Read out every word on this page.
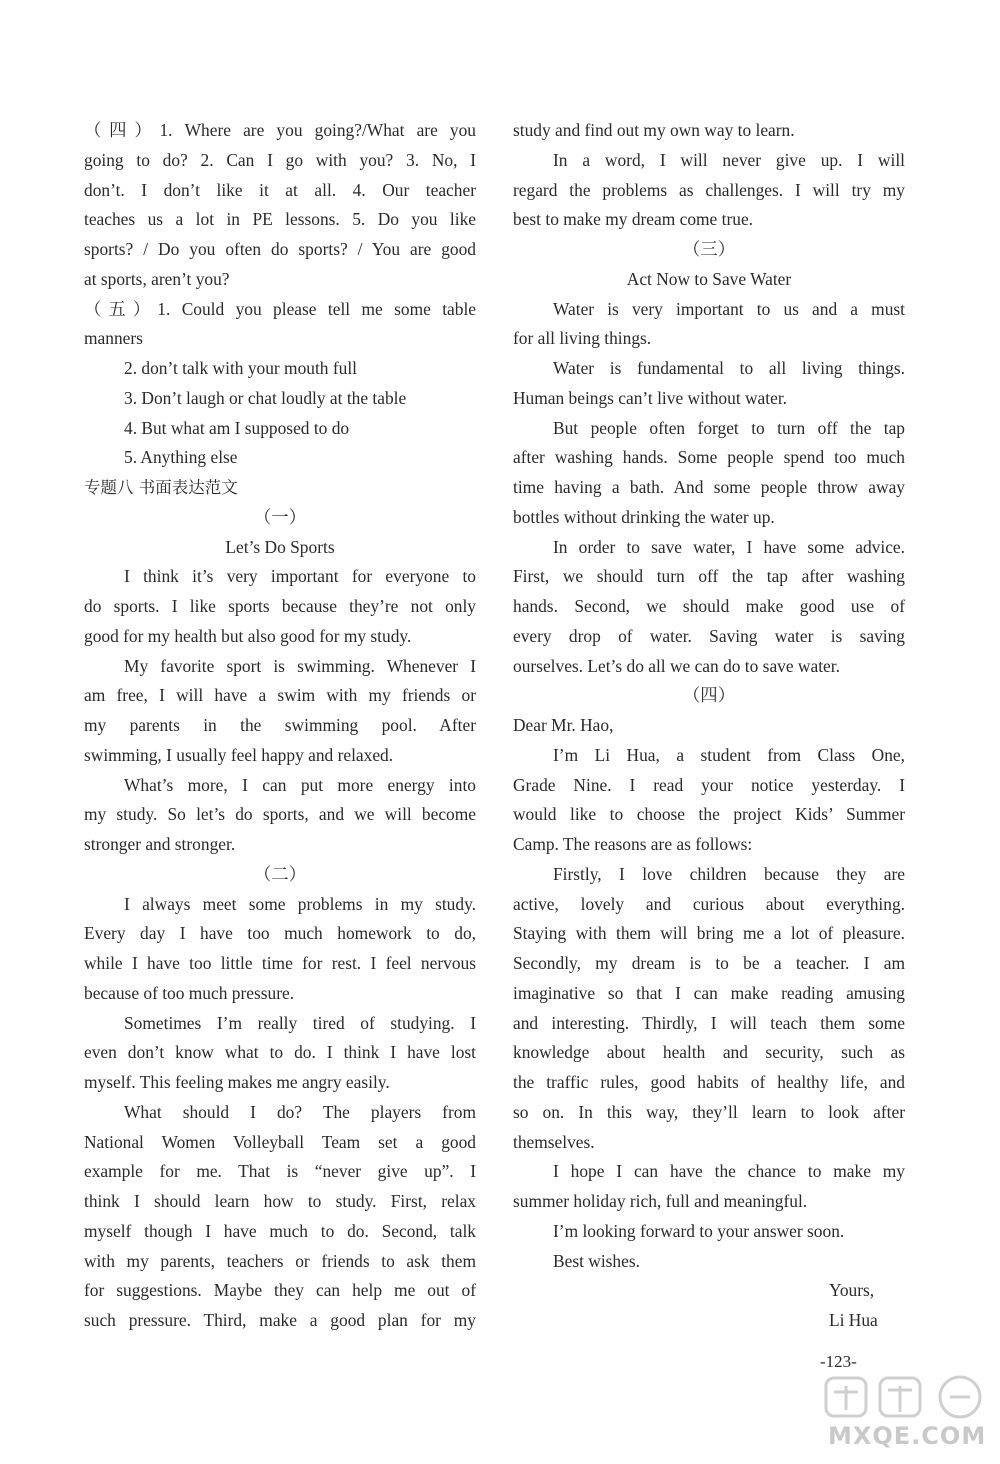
（四）1. Where are you going?/What are you
going to do? 2. Can I go with you? 3. No, I
don’t. I don’t like it at all. 4. Our teacher
teaches us a lot in PE lessons. 5. Do you like
sports? / Do you often do sports? / You are good
at sports, aren’t you?
（五）1. Could you please tell me some table
manners
2. don’t talk with your mouth full
3. Don’t laugh or chat loudly at the table
4. But what am I supposed to do
5. Anything else
专题八 书面表达范文
（一）
Let’s Do Sports
I think it’s very important for everyone to
do sports. I like sports because they’re not only
good for my health but also good for my study.
My favorite sport is swimming. Whenever I
am free, I will have a swim with my friends or
my parents in the swimming pool. After
swimming, I usually feel happy and relaxed.
What’s more, I can put more energy into
my study. So let’s do sports, and we will become
stronger and stronger.
（二）
I always meet some problems in my study.
Every day I have too much homework to do,
while I have too little time for rest. I feel nervous
because of too much pressure.
Sometimes I’m really tired of studying. I
even don’t know what to do. I think I have lost
myself. This feeling makes me angry easily.
What should I do? The players from
National Women Volleyball Team set a good
example for me. That is “never give up”. I
think I should learn how to study. First, relax
myself though I have much to do. Second, talk
with my parents, teachers or friends to ask them
for suggestions. Maybe they can help me out of
such pressure. Third, make a good plan for my
study and find out my own way to learn.
In a word, I will never give up. I will
regard the problems as challenges. I will try my
best to make my dream come true.
（三）
Act Now to Save Water
Water is very important to us and a must
for all living things.
Water is fundamental to all living things.
Human beings can’t live without water.
But people often forget to turn off the tap
after washing hands. Some people spend too much
time having a bath. And some people throw away
bottles without drinking the water up.
In order to save water, I have some advice.
First, we should turn off the tap after washing
hands. Second, we should make good use of
every drop of water. Saving water is saving
ourselves. Let’s do all we can do to save water.
（四）
Dear Mr. Hao,
I’m Li Hua, a student from Class One,
Grade Nine. I read your notice yesterday. I
would like to choose the project Kids’ Summer
Camp. The reasons are as follows:
Firstly, I love children because they are
active, lovely and curious about everything.
Staying with them will bring me a lot of pleasure.
Secondly, my dream is to be a teacher. I am
imaginative so that I can make reading amusing
and interesting. Thirdly, I will teach them some
knowledge about health and security, such as
the traffic rules, good habits of healthy life, and
so on. In this way, they’ll learn to look after
themselves.
I hope I can have the chance to make my
summer holiday rich, full and meaningful.
I’m looking forward to your answer soon.
Best wishes.
Yours,
Li Hua
-123-
MXQE.COM
